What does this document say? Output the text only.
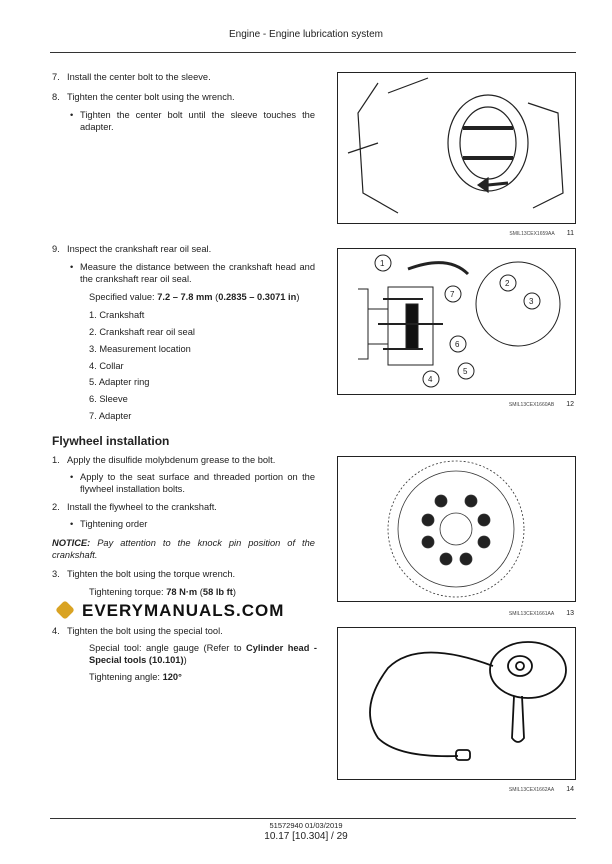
Engine - Engine lubrication system
7. Install the center bolt to the sleeve.
8. Tighten the center bolt using the wrench.
• Tighten the center bolt until the sleeve touches the adapter.
9. Inspect the crankshaft rear oil seal.
• Measure the distance between the crankshaft head and the crankshaft rear oil seal.
Specified value: 7.2 – 7.8 mm (0.2835 – 0.3071 in)
1. Crankshaft
2. Crankshaft rear oil seal
3. Measurement location
4. Collar
5. Adapter ring
6. Sleeve
7. Adapter
Flywheel installation
1. Apply the disulfide molybdenum grease to the bolt.
• Apply to the seat surface and threaded portion on the flywheel installation bolts.
2. Install the flywheel to the crankshaft.
• Tightening order
NOTICE: Pay attention to the knock pin position of the crankshaft.
3. Tighten the bolt using the torque wrench.
Tightening torque: 78 N·m (58 lb ft)
4. Tighten the bolt using the special tool.
Special tool: angle gauge (Refer to Cylinder head - Special tools (10.101))
Tightening angle: 120°
SMIL13CEX1659AA 11
1
2
3
7
6
5
4
SMIL13CEX1660AB 12
4	2
1	7
6	5
8 3
SMIL13CEX1661AA 13
SMIL13CEX1662AA 14
EVERYMANUALS.COM
51572940 01/03/2019
10.17 [10.304] / 29
